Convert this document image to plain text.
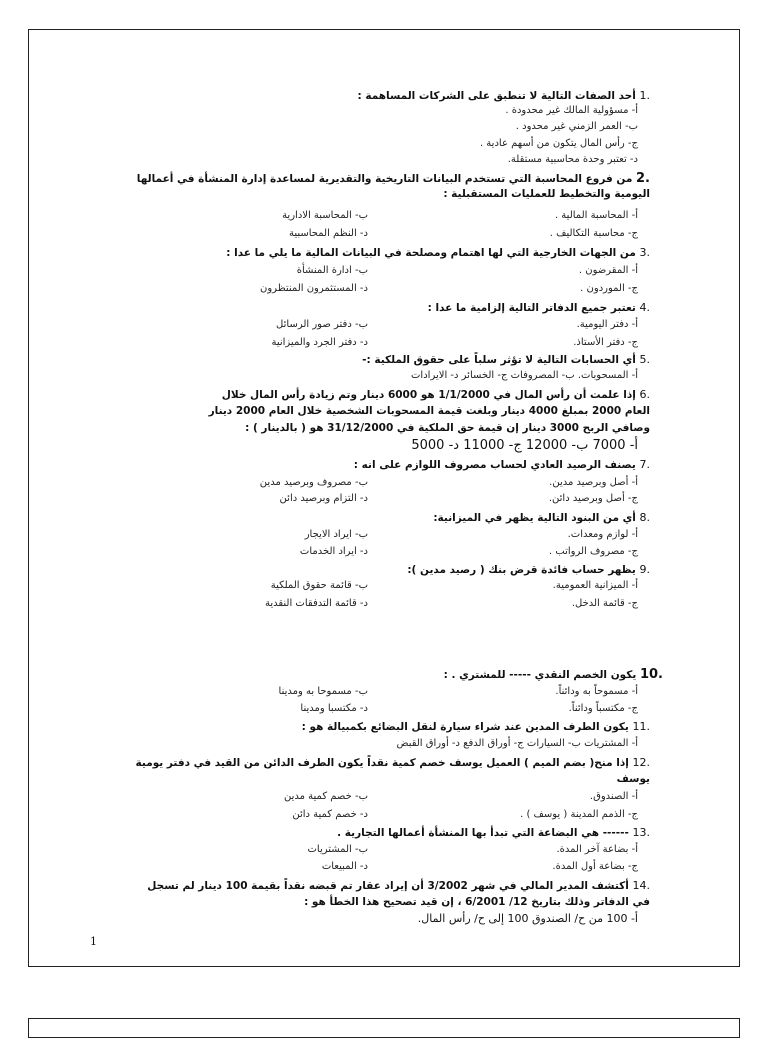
.1 أحد الصفات التالية لا تنطبق على الشركات المساهمة :
أ- مسؤولية المالك غير محدودة .
ب- العمر الزمني غير محدود .
ج- رأس المال يتكون من أسهم عادية .
د- تعتبر وحدة محاسبية مستقلة.
.2 من فروع المحاسبة التي تستخدم البيانات التاريخية والتقديرية لمساعدة إدارة المنشأة في أعمالها اليومية والتخطيط للعمليات المستقبلية :
أ- المحاسبة المالية .
ب- المحاسبة الادارية
ج- محاسبة التكاليف .
د- النظم المحاسبية
.3 من الجهات الخارجية التي لها اهتمام ومصلحة في البيانات المالية ما يلي ما عدا :
أ- المقرضون .
ب- ادارة المنشأة
ج- الموردون .
د- المستثمرون المنتظرون
.4 تعتبر جميع الدفاتر التالية إلزامية ما عدا :
أ- دفتر اليومية.
ب- دفتر صور الرسائل
ج- دفتر الأستاذ.
د- دفتر الجرد والميزانية
.5 أي الحسابات التالية لا تؤثر سلباً على حقوق الملكية :-
أ- المسحوبات. ب- المصروفات ج- الخسائر د- الايرادات
.6 إذا علمت أن رأس المال في 1/1/2000 هو 6000 دينار وتم زيادة رأس المال خلال
العام 2000 بمبلغ 4000 دينار وبلغت قيمة المسحوبات الشخصية خلال العام 2000 دينار
وصافي الربح 3000 دينار إن قيمة حق الملكية في 31/12/2000 هو ( بالدينار ) :
أ- 7000 ب- 12000 ج- 11000 د- 5000
.7 يصنف الرصيد العادي لحساب مصروف اللوازم على انه :
أ- أصل وبرصيد مدين.
ب- مصروف وبرصيد مدين
ج- أصل وبرصيد دائن.
د- التزام وبرصيد دائن
.8 أي من البنود التالية يظهر في الميزانية:
أ- لوازم ومعدات.
ب- ايراد الايجار
ج- مصروف الرواتب .
د- ايراد الخدمات
.9 يظهر حساب فائدة قرض بنك ( رصيد مدين ):
أ- الميزانية العمومية.
ب- قائمة حقوق الملكية
ج- قائمة الدخل.
د- قائمة التدفقات النقدية
.10 يكون الخصم النقدي ----- للمشتري . :
أ- مسموحاً به ودائناً.
ب- مسموحا به ومدينا
ج- مكتسباً ودائناً.
د- مكتسبا ومدينا
.11 يكون الطرف المدين عند شراء سيارة لنقل البضائع بكمبيالة هو :
أ- المشتريات ب- السيارات ج- أوراق الدفع د- أوراق القبض
.12 إذا منح( بضم الميم ) العميل يوسف خصم كمية نقداً يكون الطرف الدائن من القيد في دفتر يومية
يوسف
أ- الصندوق.
ب- خصم كمية مدين
ج- الذمم المدينة ( يوسف ) .
د- خصم كمية دائن
.13 ------ هي البضاعة التي تبدأ بها المنشأة أعمالها التجارية .
أ- بضاعة آخر المدة.
ب- المشتريات
ج- بضاعة أول المدة.
د- المبيعات
.14 أكتشف المدير المالي في شهر 3/2002 أن إيراد عقار تم قبضه نقداً بقيمة 100 دينار لم تسجل
في الدفاتر وذلك بتاريخ 12/ 6/2001 ، إن قيد تصحيح هذا الخطأ هو :
أ- 100 من ح/ الصندوق 100 إلى ح/ رأس المال.
1
